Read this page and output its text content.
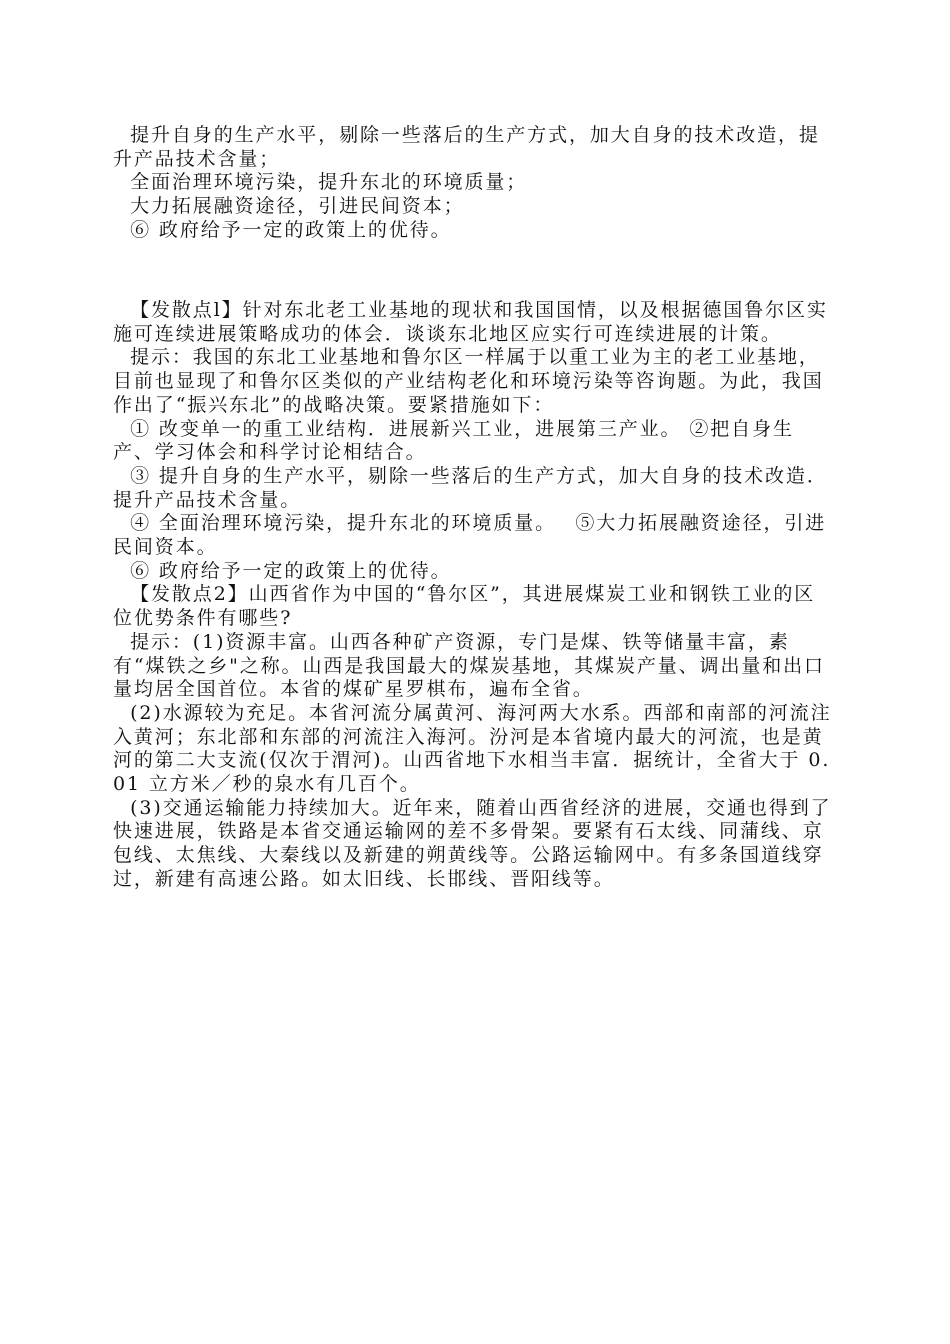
提升自身的生产水平，剔除一些落后的生产方式，加大自身的技术改造，提升产品技术含量；

全面治理环境污染，提升东北的环境质量；

大力拓展融资途径，引进民间资本；

⑥ 政府给予一定的政策上的优待。

【发散点l】针对东北老工业基地的现状和我国国情，以及根据德国鲁尔区实施可连续进展策略成功的体会．谈谈东北地区应实行可连续进展的计策。

提示：我国的东北工业基地和鲁尔区一样属于以重工业为主的老工业基地，目前也显现了和鲁尔区类似的产业结构老化和环境污染等咨询题。为此，我国作出了“振兴东北”的战略决策。要紧措施如下：

① 改变单一的重工业结构．进展新兴工业，进展第三产业。 ②把自身生产、学习体会和科学讨论相结合。

③ 提升自身的生产水平，剔除一些落后的生产方式，加大自身的技术改造．提升产品技术含量。

④ 全面治理环境污染，提升东北的环境质量。　 ⑤大力拓展融资途径，引进民间资本。

⑥ 政府给予一定的政策上的优待。

【发散点2】山西省作为中国的“鲁尔区”，其进展煤炭工业和钢铁工业的区位优势条件有哪些?

提示：(1)资源丰富。山西各种矿产资源，专门是煤、铁等储量丰富，素有“煤铁之乡"之称。山西是我国最大的煤炭基地，其煤炭产量、调出量和出口量均居全国首位。本省的煤矿星罗棋布，遍布全省。

(2)水源较为充足。本省河流分属黄河、海河两大水系。西部和南部的河流注入黄河；东北部和东部的河流注入海河。汾河是本省境内最大的河流，也是黄河的第二大支流(仅次于渭河)。山西省地下水相当丰富．据统计，全省大于 0.01 立方米／秒的泉水有几百个。

(3)交通运输能力持续加大。近年来，随着山西省经济的进展，交通也得到了快速进展，铁路是本省交通运输网的差不多骨架。要紧有石太线、同蒲线、京包线、太焦线、大秦线以及新建的朔黄线等。公路运输网中。有多条国道线穿过，新建有高速公路。如太旧线、长邯线、晋阳线等。
